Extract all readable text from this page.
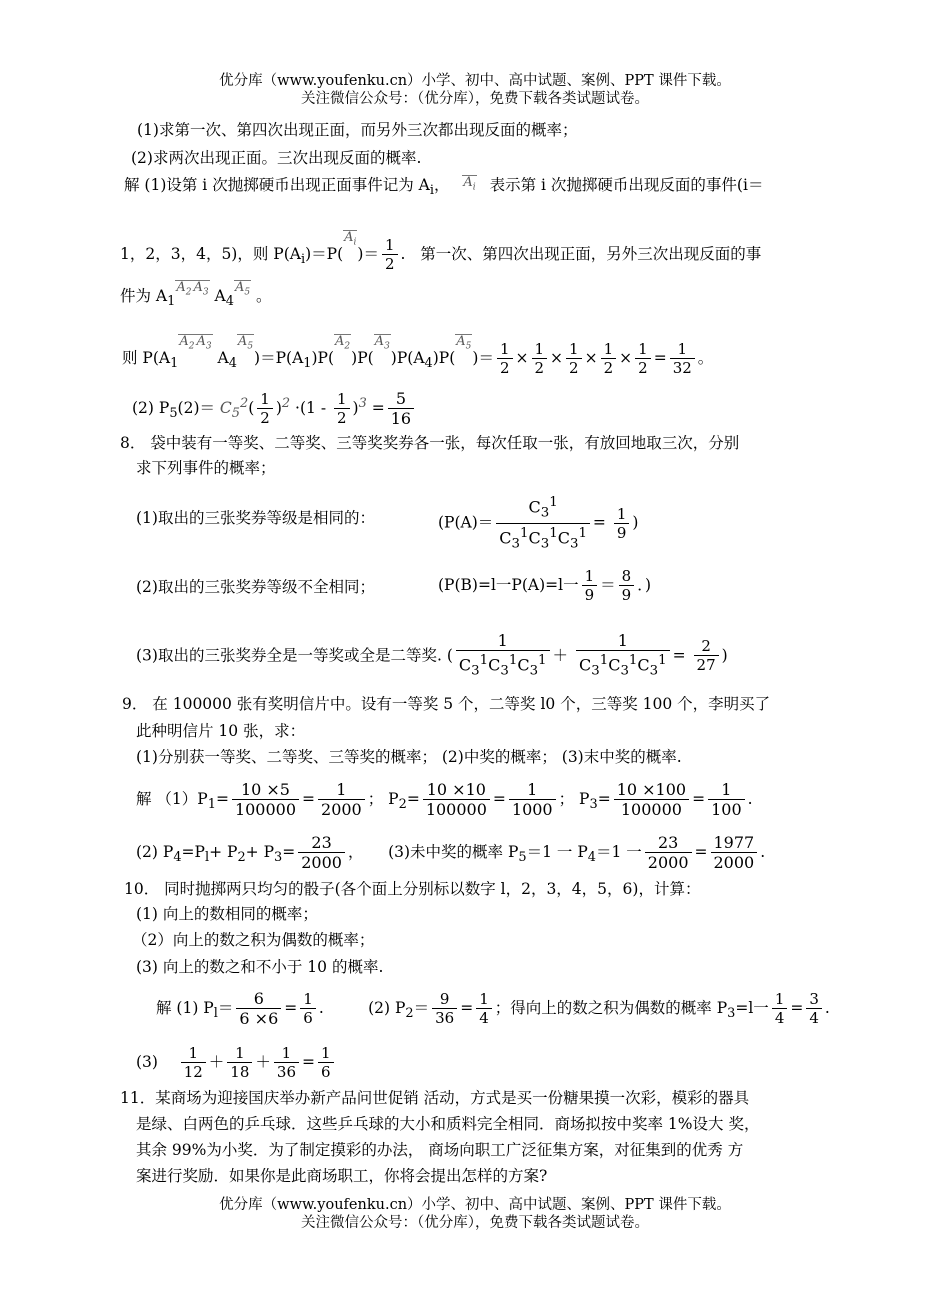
优分库（www.youfenku.cn）小学、初中、高中试题、案例、PPT 课件下载。
关注微信公众号：（优分库），免费下载各类试题试卷。
(1)求第一次、第四次出现正面，而另外三次都出现反面的概率；
(2)求两次出现正面。三次出现反面的概率.
解 (1)设第 i 次抛掷硬币出现正面事件记为 $A_i$， $A_i$ 表示第 i 次抛掷硬币出现反面的事件(i＝
1，2，3，4，5)，则 $P(A_i)=P(A_i)= \frac{1}{2}$ .   第一次、第四次出现正面，另外三次出现反面的事
件为 $A_1A_2$ $A_3$ $A_4A_5$ 。
则 $P(A_1A_2$ $A_3$ $A_4A_5)=P(A_1)P(A_2)P(A_3)P(A_4)P(A_5)= \frac{1}{2} \times \frac{1}{2} \times \frac{1}{2} \times \frac{1}{2} \times \frac{1}{2} = \frac{1}{32}$ 。
(2) $P_5(2)= C_5^2( \frac{1}{2} )^2 \cdot(1 - \frac{1}{2} )^3 = \frac{5}{16}$
8． 袋中装有一等奖、二等奖、三等奖奖券各一张，每次任取一张，有放回地取三次，分别
求下列事件的概率；
(1)取出的三张奖券等级是相同的：	($P(A)= \frac{C_3^1}{C_3^1C_3^1C_3^1} = \frac{1}{9}$ )
(2)取出的三张奖券等级不全相同；	(P(B)=l一P(A)=l一 $\frac{1}{9} = \frac{8}{9}$ ．)
(3)取出的三张奖券全是一等奖或全是二等奖. ( $\frac{1}{C_3^1C_3^1C_3^1} + \frac{1}{C_3^1C_3^1C_3^1} = \frac{2}{27}$ )
9． 在 100000 张有奖明信片中。设有一等奖 5 个，二等奖 l0 个，三等奖 100 个，李明买了
此种明信片 10 张，求：
(1)分别获一等奖、二等奖、三等奖的概率； (2)中奖的概率； (3)末中奖的概率.
解 $(1)P_1= \frac{10 \times 5}{100000} = \frac{1}{2000}$ ； $P_2= \frac{10 \times 10}{100000} = \frac{1}{1000}$ ； $P_3= \frac{10 \times 100}{100000} = \frac{1}{100}$ .
(2) $P_4=P_l+ P_2+ P_3= \frac{23}{2000}$ ，     (3)未中奖的概率 $P_5=1$ 一 $P_4=1$ 一 $\frac{23}{2000} = \frac{1977}{2000}$ .
10． 同时抛掷两只均匀的骰子(各个面上分别标以数字 l，2，3，4，5，6)，计算：
(1) 向上的数相同的概率；
（2）向上的数之积为偶数的概率；
(3) 向上的数之和不小于 10 的概率.
解 (1) $P_l= \frac{6}{6 \times 6} = \frac{1}{6}$ .         (2) $P_2= \frac{9}{36} = \frac{1}{4}$ ；得向上的数之积为偶数的概率 $P_3=l$一 $\frac{1}{4} = \frac{3}{4}$ .
$(3) \frac{1}{12} + \frac{1}{18} + \frac{1}{36} = \frac{1}{6}$
11．某商场为迎接国庆举办新产品问世促销 活动，方式是买一份糖果摸一次彩，模彩的器具
是绿、白两色的乒乓球．这些乒乓球的大小和质料完全相同．商场拟按中奖率 1%设大 奖，
其余 99%为小奖．为了制定摸彩的办法， 商场向职工广泛征集方案，对征集到的优秀 方
案进行奖励．如果你是此商场职工，你将会提出怎样的方案?
优分库（www.youfenku.cn）小学、初中、高中试题、案例、PPT 课件下载。
关注微信公众号：（优分库），免费下载各类试题试卷。
